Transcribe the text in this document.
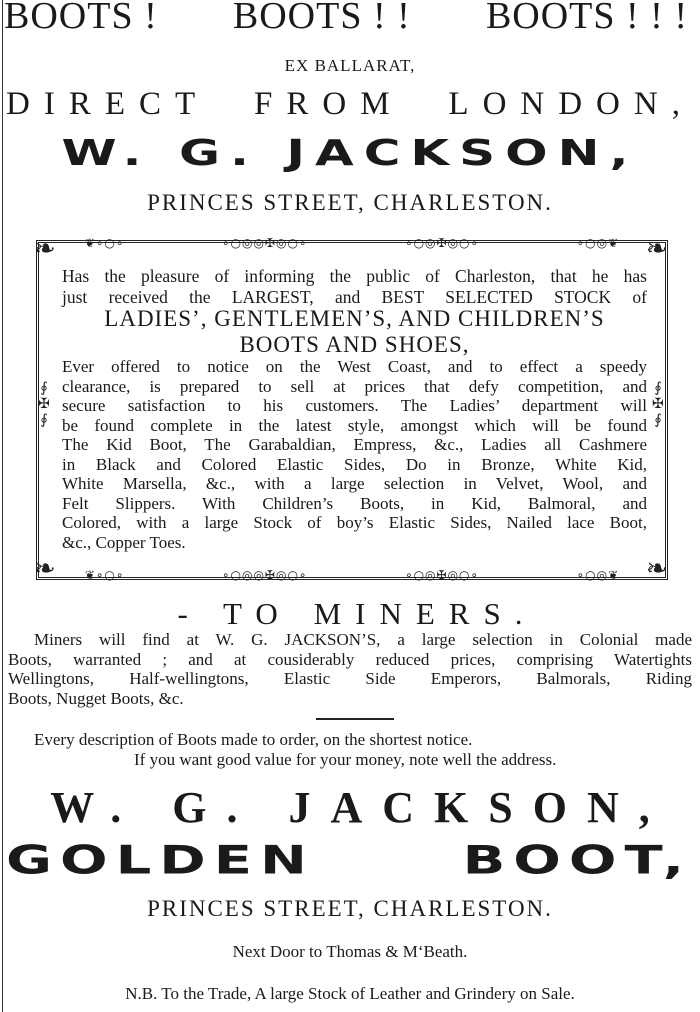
BOOTS ! BOOTS ! ! BOOTS ! ! !
EX BALLARAT,
DIRECT FROM LONDON,
W. G. JACKSON,
PRINCES STREET, CHARLESTON.
❦∘○∘	∘○◎◎✠◎○∘	∘○◎✠◎○∘	∘○◎❦
❦∘○∘	∘○◎◎✠◎○∘	∘○◎✠◎○∘	∘○◎❦
❧	❧
❧	❧
∮
✠
∮
∮
✠
∮
Has the pleasure of informing the public of Charleston, that he has
just received the LARGEST, and BEST SELECTED STOCK of
LADIES’, GENTLEMEN’S, AND CHILDREN’S
BOOTS AND SHOES,
Ever offered to notice on the West Coast, and to effect a speedy
clearance, is prepared to sell at prices that defy competition, and
secure satisfaction to his customers. The Ladies’ department will
be found complete in the latest style, amongst which will be found
The Kid Boot, The Garabaldian, Empress, &c., Ladies all Cashmere
in Black and Colored Elastic Sides, Do in Bronze, White Kid,
White Marsella, &c., with a large selection in Velvet, Wool, and
Felt Slippers. With Children’s Boots, in Kid, Balmoral, and
Colored, with a large Stock of boy’s Elastic Sides, Nailed lace Boot,
&c., Copper Toes.
- TO MINERS.
Miners will find at W. G. JACKSON’S, a large selection in Colonial made
Boots, warranted ; and at cousiderably reduced prices, comprising Watertights
Wellingtons, Half-wellingtons, Elastic Side Emperors, Balmorals, Riding
Boots, Nugget Boots, &c.
Every description of Boots made to order, on the shortest notice.
If you want good value for your money, note well the address.
W. G. JACKSON,
GOLDEN	BOOT,
PRINCES STREET, CHARLESTON.
Next Door to Thomas & M‘Beath.
N.B. To the Trade, A large Stock of Leather and Grindery on Sale.
